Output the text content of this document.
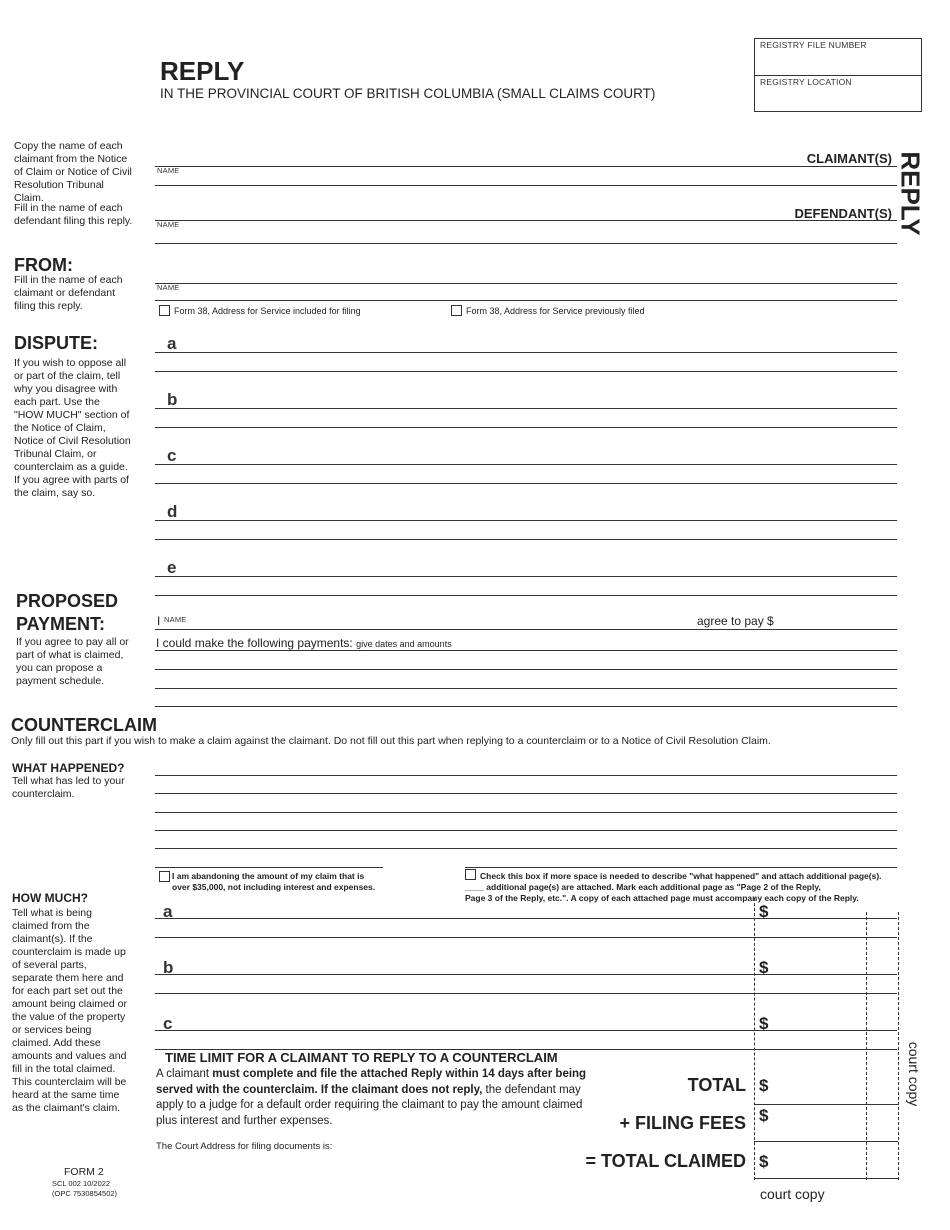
REPLY
IN THE PROVINCIAL COURT OF BRITISH COLUMBIA (SMALL CLAIMS COURT)
REGISTRY FILE NUMBER
REGISTRY LOCATION
REPLY
Copy the name of each claimant from the Notice of Claim or Notice of Civil Resolution Tribunal Claim.
Fill in the name of each defendant filing this reply.
CLAIMANT(S)
NAME
DEFENDANT(S)
NAME
FROM:
Fill in the name of each claimant or defendant filing this reply.
NAME
Form 38, Address for Service included for filing	Form 38, Address for Service previously filed
DISPUTE:
If you wish to oppose all or part of the claim, tell why you disagree with each part. Use the "HOW MUCH" section of the Notice of Claim, Notice of Civil Resolution Tribunal Claim, or counterclaim as a guide. If you agree with parts of the claim, say so.
a
b
c
d
e
PROPOSED
PAYMENT:
If you agree to pay all or part of what is claimed, you can propose a payment schedule.
I NAME	agree to pay $
I could make the following payments: give dates and amounts
COUNTERCLAIM
Only fill out this part if you wish to make a claim against the claimant. Do not fill out this part when replying to a counterclaim or to a Notice of Civil Resolution Claim.
WHAT HAPPENED?
Tell what has led to your counterclaim.
I am abandoning the amount of my claim that is
over $35,000, not including interest and expenses.
Check this box if more space is needed to describe "what happened" and attach additional page(s).
____ additional page(s) are attached. Mark each additional page as "Page 2 of the Reply,
Page 3 of the Reply, etc.". A copy of each attached page must accompany each copy of the Reply.
HOW MUCH?
Tell what is being claimed from the claimant(s). If the counterclaim is made up of several parts, separate them here and for each part set out the amount being claimed or the value of the property or services being claimed. Add these amounts and values and fill in the total claimed. This counterclaim will be heard at the same time as the claimant's claim.
a	$
b	$
c	$
TIME LIMIT FOR A CLAIMANT TO REPLY TO A COUNTERCLAIM
A claimant must complete and file the attached Reply within 14 days after being served with the counterclaim. If the claimant does not reply, the defendant may apply to a judge for a default order requiring the claimant to pay the amount claimed plus interest and further expenses.
The Court Address for filing documents is:
TOTAL $
+ FILING FEES $
= TOTAL CLAIMED $
FORM 2
SCL 002 10/2022
(OPC 7530854502)	court copy
court copy
